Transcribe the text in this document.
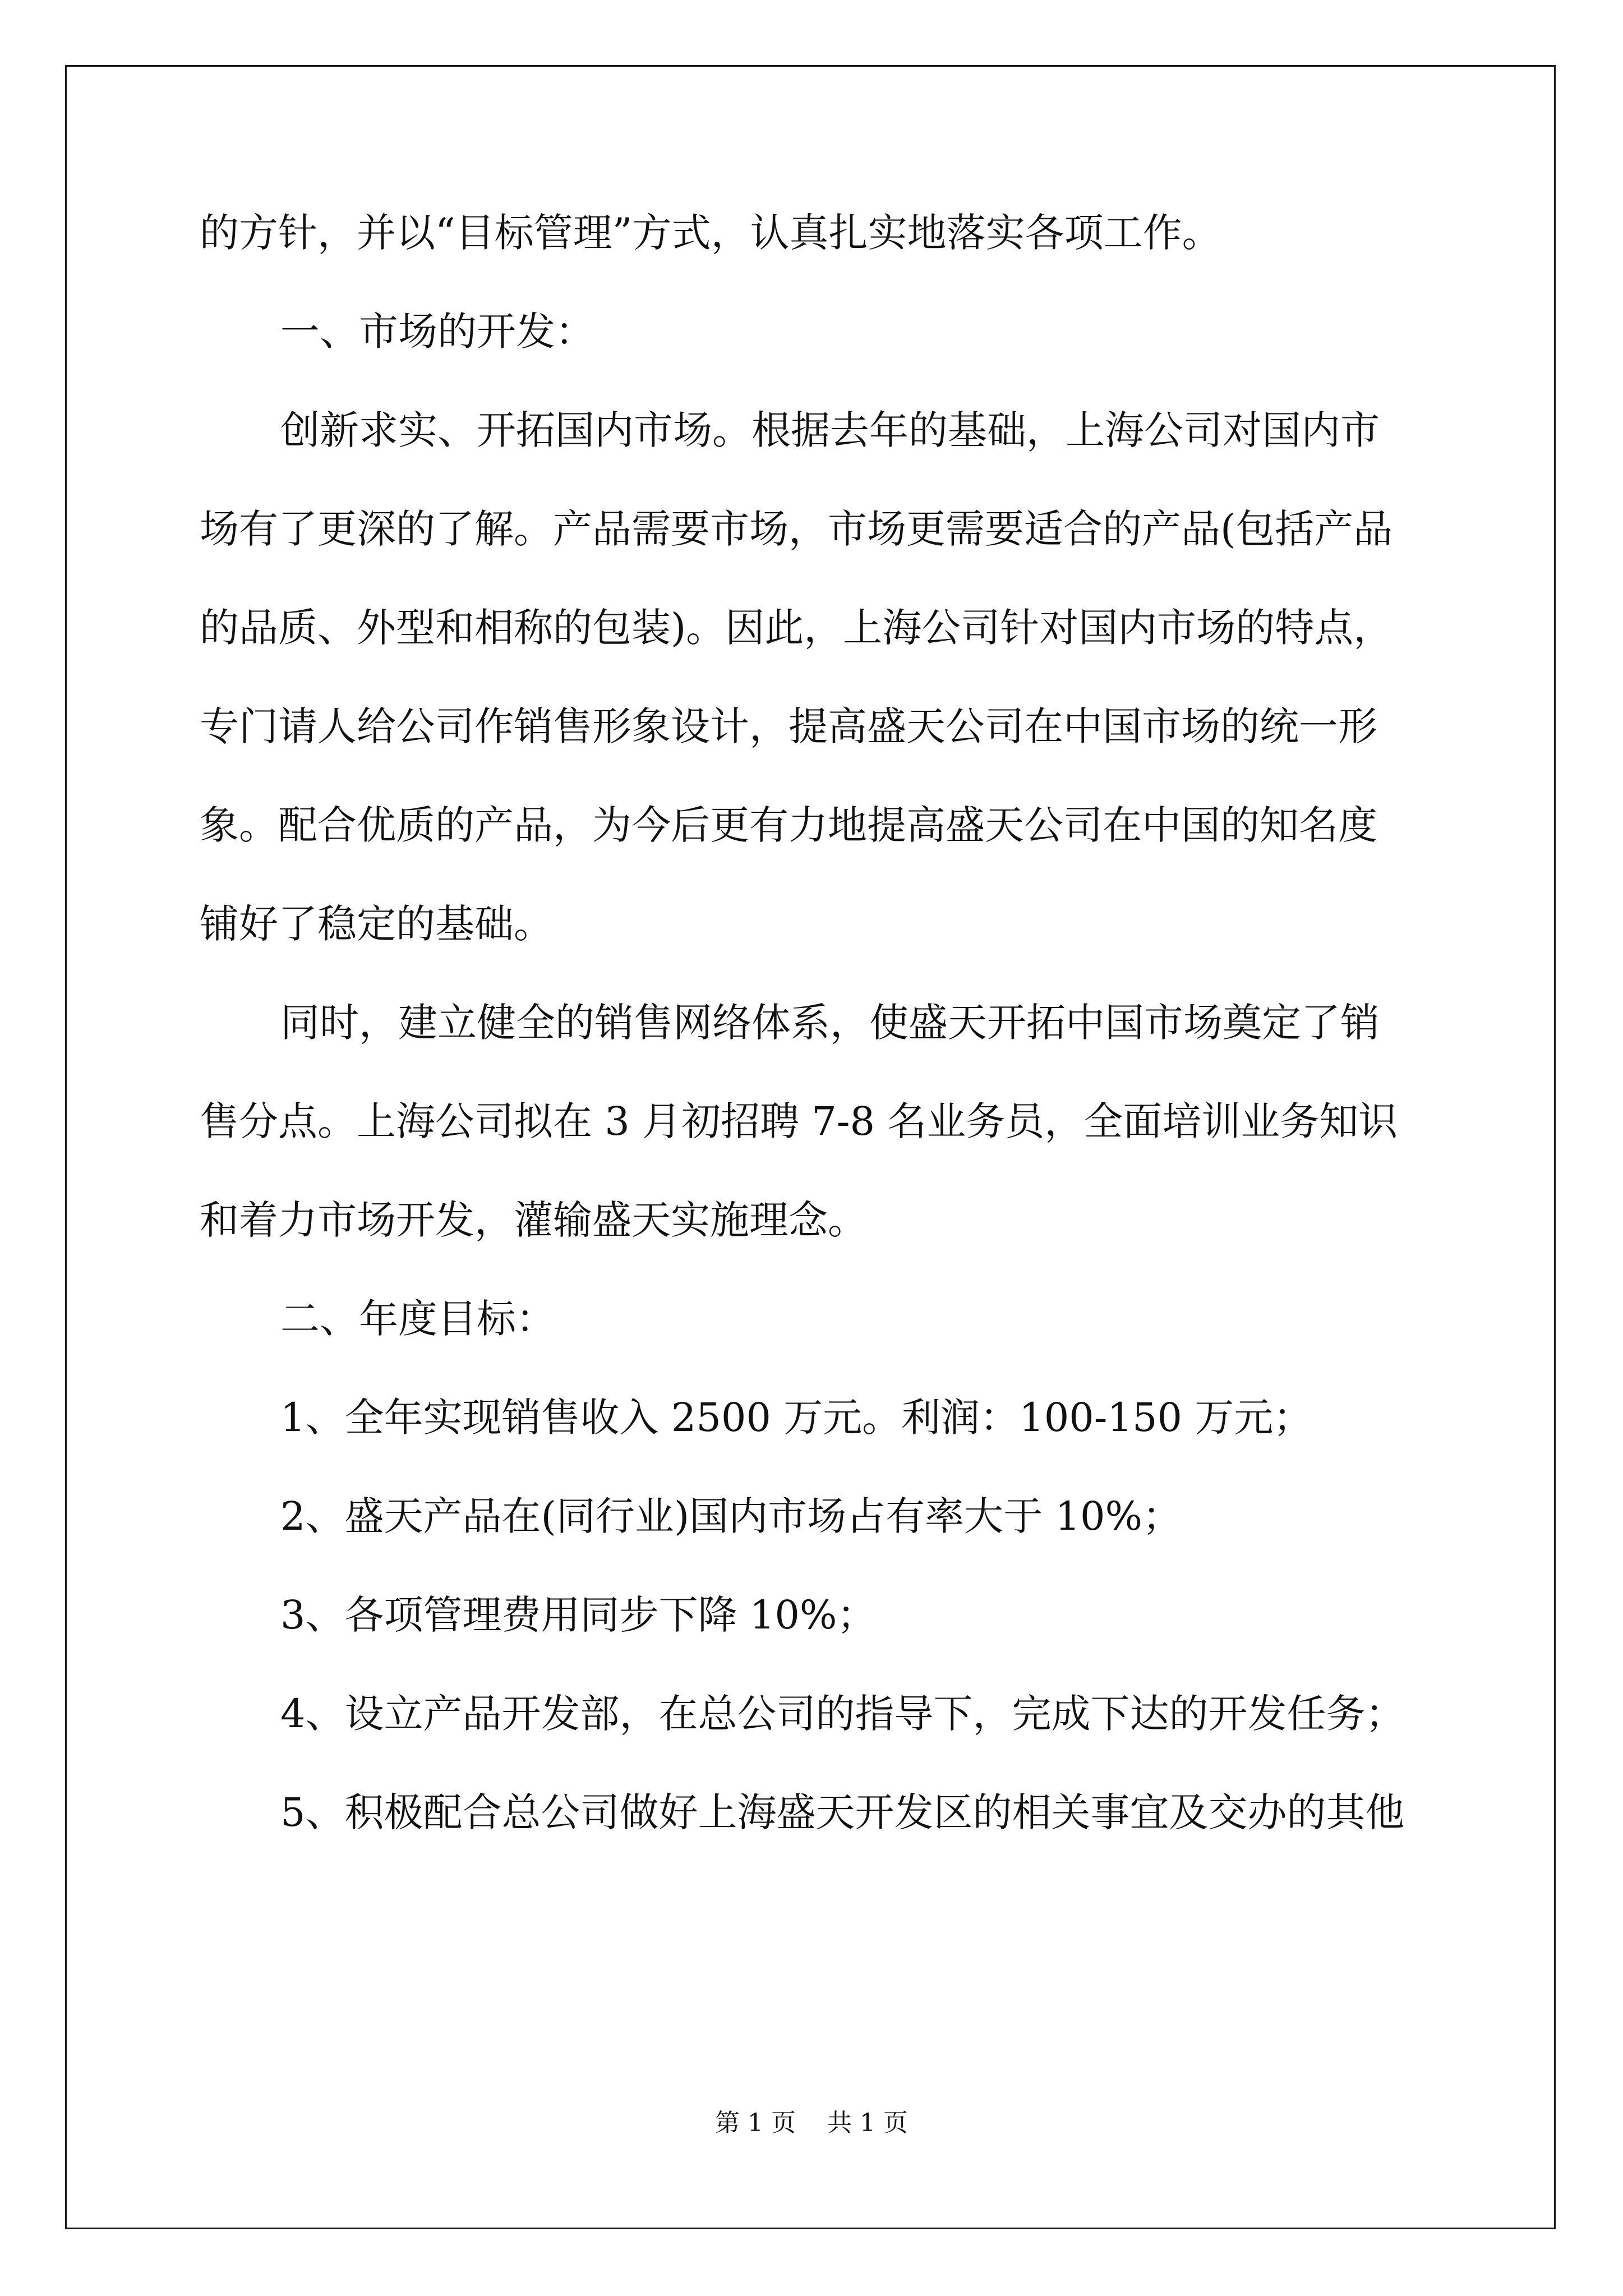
的方针，并以“目标管理”方式，认真扎实地落实各项工作。
一、市场的开发：
创新求实、开拓国内市场。根据去年的基础，上海公司对国内市
场有了更深的了解。产品需要市场，市场更需要适合的产品(包括产品
的品质、外型和相称的包装)。因此，上海公司针对国内市场的特点，
专门请人给公司作销售形象设计，提高盛天公司在中国市场的统一形
象。配合优质的产品，为今后更有力地提高盛天公司在中国的知名度
铺好了稳定的基础。
同时，建立健全的销售网络体系，使盛天开拓中国市场奠定了销
售分点。上海公司拟在 3 月初招聘 7-8 名业务员，全面培训业务知识
和着力市场开发，灌输盛天实施理念。
二、年度目标：
1、全年实现销售收入 2500 万元。利润：100-150 万元；
2、盛天产品在(同行业)国内市场占有率大于 10%；
3、各项管理费用同步下降 10%；
4、设立产品开发部，在总公司的指导下，完成下达的开发任务；
5、积极配合总公司做好上海盛天开发区的相关事宜及交办的其他
第 1 页    共 1 页
